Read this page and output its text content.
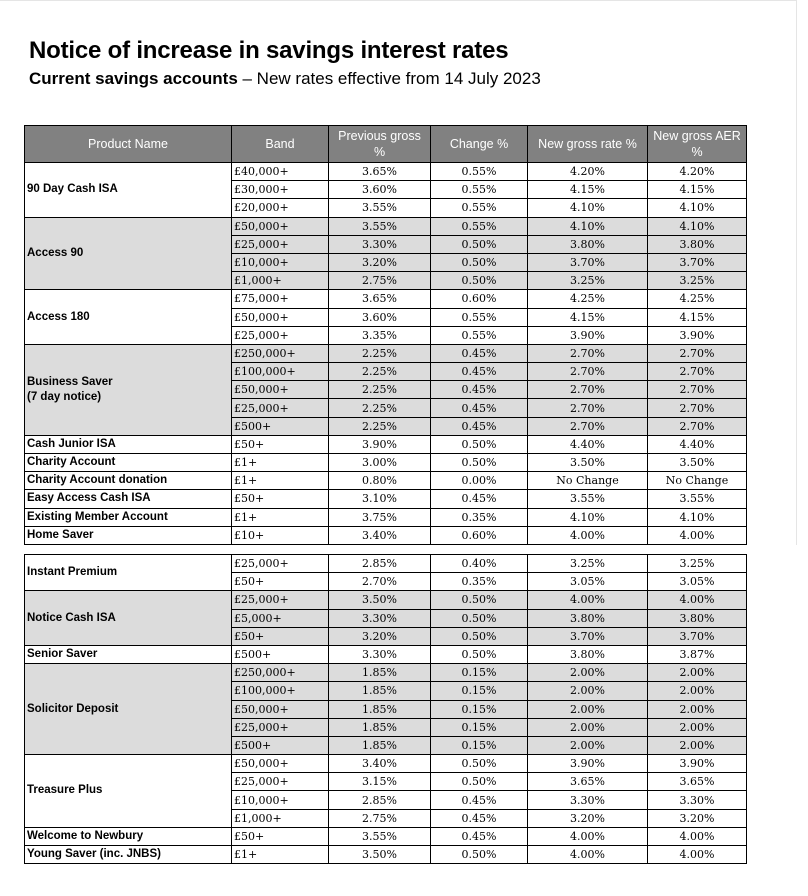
Notice of increase in savings interest rates

Current savings accounts – New rates effective from 14 July 2023

Product Name	Band	Previous gross %	Change %	New gross rate %	New gross AER %
90 Day Cash ISA	£40,000+	3.65%	0.55%	4.20%	4.20%
	£30,000+	3.60%	0.55%	4.15%	4.15%
	£20,000+	3.55%	0.55%	4.10%	4.10%
Access 90	£50,000+	3.55%	0.55%	4.10%	4.10%
	£25,000+	3.30%	0.50%	3.80%	3.80%
	£10,000+	3.20%	0.50%	3.70%	3.70%
	£1,000+	2.75%	0.50%	3.25%	3.25%
Access 180	£75,000+	3.65%	0.60%	4.25%	4.25%
	£50,000+	3.60%	0.55%	4.15%	4.15%
	£25,000+	3.35%	0.55%	3.90%	3.90%
Business Saver
(7 day notice)	£250,000+	2.25%	0.45%	2.70%	2.70%
	£100,000+	2.25%	0.45%	2.70%	2.70%
	£50,000+	2.25%	0.45%	2.70%	2.70%
	£25,000+	2.25%	0.45%	2.70%	2.70%
	£500+	2.25%	0.45%	2.70%	2.70%
Cash Junior ISA	£50+	3.90%	0.50%	4.40%	4.40%
Charity Account	£1+	3.00%	0.50%	3.50%	3.50%
Charity Account donation	£1+	0.80%	0.00%	No Change	No Change
Easy Access Cash ISA	£50+	3.10%	0.45%	3.55%	3.55%
Existing Member Account	£1+	3.75%	0.35%	4.10%	4.10%
Home Saver	£10+	3.40%	0.60%	4.00%	4.00%
Instant Premium	£25,000+	2.85%	0.40%	3.25%	3.25%
	£50+	2.70%	0.35%	3.05%	3.05%
Notice Cash ISA	£25,000+	3.50%	0.50%	4.00%	4.00%
	£5,000+	3.30%	0.50%	3.80%	3.80%
	£50+	3.20%	0.50%	3.70%	3.70%
Senior Saver	£500+	3.30%	0.50%	3.80%	3.87%
Solicitor Deposit	£250,000+	1.85%	0.15%	2.00%	2.00%
	£100,000+	1.85%	0.15%	2.00%	2.00%
	£50,000+	1.85%	0.15%	2.00%	2.00%
	£25,000+	1.85%	0.15%	2.00%	2.00%
	£500+	1.85%	0.15%	2.00%	2.00%
Treasure Plus	£50,000+	3.40%	0.50%	3.90%	3.90%
	£25,000+	3.15%	0.50%	3.65%	3.65%
	£10,000+	2.85%	0.45%	3.30%	3.30%
	£1,000+	2.75%	0.45%	3.20%	3.20%
Welcome to Newbury	£50+	3.55%	0.45%	4.00%	4.00%
Young Saver (inc. JNBS)	£1+	3.50%	0.50%	4.00%	4.00%
